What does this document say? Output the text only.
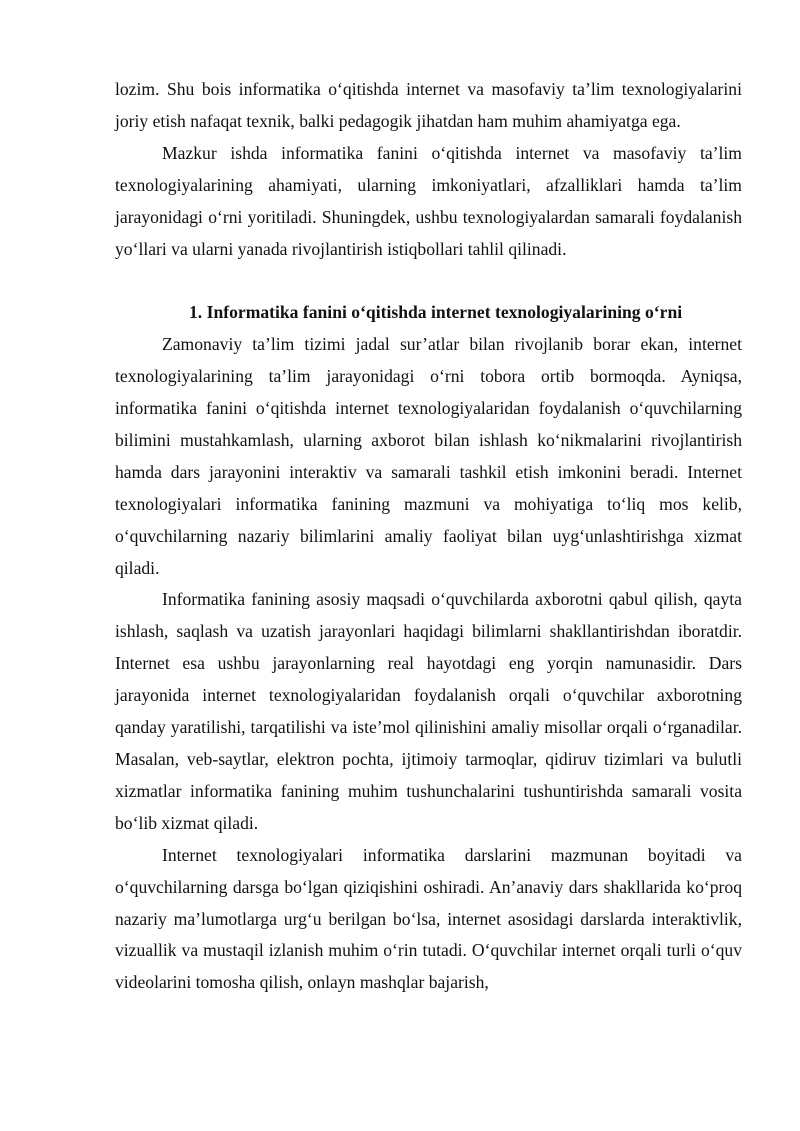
lozim. Shu bois informatika o‘qitishda internet va masofaviy ta’lim texnologiyalarini joriy etish nafaqat texnik, balki pedagogik jihatdan ham muhim ahamiyatga ega.

Mazkur ishda informatika fanini o‘qitishda internet va masofaviy ta’lim texnologiyalarining ahamiyati, ularning imkoniyatlari, afzalliklari hamda ta’lim jarayonidagi o‘rni yoritiladi. Shuningdek, ushbu texnologiyalardan samarali foydalanish yo‘llari va ularni yanada rivojlantirish istiqbollari tahlil qilinadi.

1. Informatika fanini o‘qitishda internet texnologiyalarining o‘rni

Zamonaviy ta’lim tizimi jadal sur’atlar bilan rivojlanib borar ekan, internet texnologiyalarining ta’lim jarayonidagi o‘rni tobora ortib bormoqda. Ayniqsa, informatika fanini o‘qitishda internet texnologiyalaridan foydalanish o‘quvchilarning bilimini mustahkamlash, ularning axborot bilan ishlash ko‘nikmalarini rivojlantirish hamda dars jarayonini interaktiv va samarali tashkil etish imkonini beradi. Internet texnologiyalari informatika fanining mazmuni va mohiyatiga to‘liq mos kelib, o‘quvchilarning nazariy bilimlarini amaliy faoliyat bilan uyg‘unlashtirishga xizmat qiladi.

Informatika fanining asosiy maqsadi o‘quvchilarda axborotni qabul qilish, qayta ishlash, saqlash va uzatish jarayonlari haqidagi bilimlarni shakllantirishdan iboratdir. Internet esa ushbu jarayonlarning real hayotdagi eng yorqin namunasidir. Dars jarayonida internet texnologiyalaridan foydalanish orqali o‘quvchilar axborotning qanday yaratilishi, tarqatilishi va iste’mol qilinishini amaliy misollar orqali o‘rganadilar. Masalan, veb-saytlar, elektron pochta, ijtimoiy tarmoqlar, qidiruv tizimlari va bulutli xizmatlar informatika fanining muhim tushunchalarini tushuntirishda samarali vosita bo‘lib xizmat qiladi.

Internet texnologiyalari informatika darslarini mazmunan boyitadi va o‘quvchilarning darsga bo‘lgan qiziqishini oshiradi. An’anaviy dars shakllarida ko‘proq nazariy ma’lumotlarga urg‘u berilgan bo‘lsa, internet asosidagi darslarda interaktivlik, vizuallik va mustaqil izlanish muhim o‘rin tutadi. O‘quvchilar internet orqali turli o‘quv videolarini tomosha qilish, onlayn mashqlar bajarish,
